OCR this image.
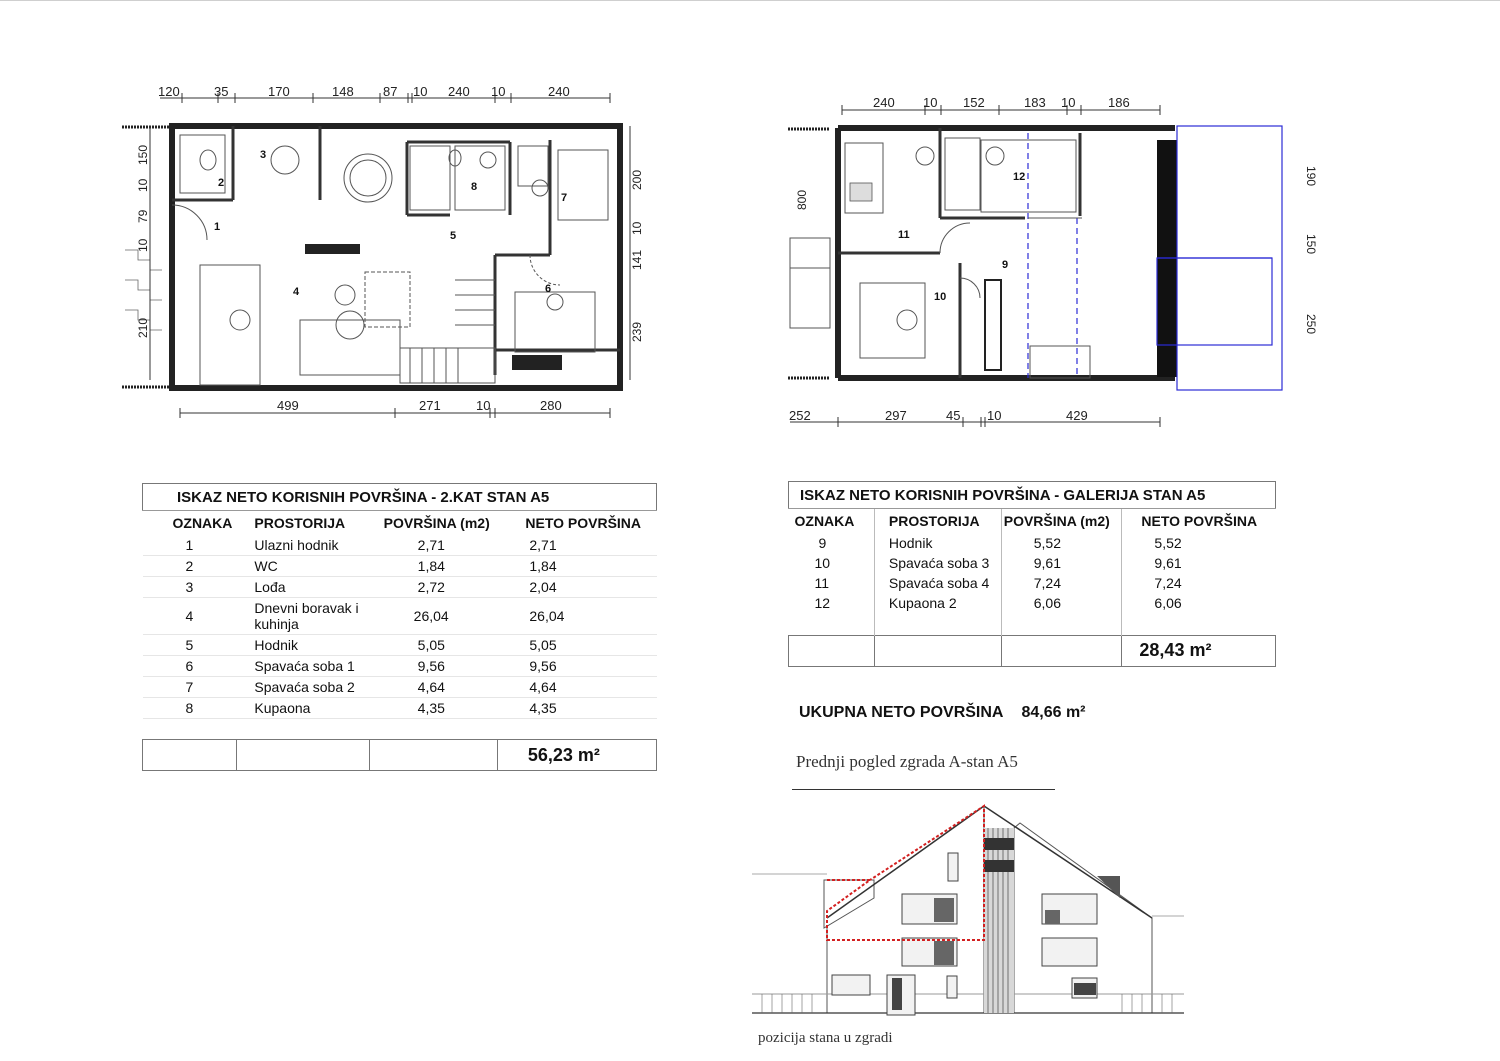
120	35	170	148 87 10 240 10	240
1
2
3
4
5
6
7
8
150
10
79
10
210
200
10
141
239
499	271	10	280
240 10 152	183 10	186
9
10
11
12
800
190
150
250
252	297	45 10	429
ISKAZ NETO KORISNIH POVRŠINA - 2.KAT STAN A5			
OZNAKA	PROSTORIJA	POVRŠINA (m2)	NETO POVRŠINA
1	Ulazni hodnik	2,71	2,71
2	WC	1,84	1,84
3	Lođa	2,72	2,04
4	Dnevni boravak i kuhinja	26,04	26,04
5	Hodnik	5,05	5,05
6	Spavaća soba 1	9,56	9,56
7	Spavaća soba 2	4,64	4,64
8	Kupaona	4,35	4,35

			56,23 m²
ISKAZ NETO KORISNIH POVRŠINA - GALERIJA STAN A5			
OZNAKA	PROSTORIJA	POVRŠINA (m2)	NETO POVRŠINA
9	Hodnik	5,52	5,52
10	Spavaća soba 3	9,61	9,61
11	Spavaća soba 4	7,24	7,24
12	Kupaona 2	6,06	6,06

			28,43 m²
UKUPNA NETO POVRŠINA 84,66 m²
Prednji pogled zgrada A-stan A5
pozicija stana u zgradi
